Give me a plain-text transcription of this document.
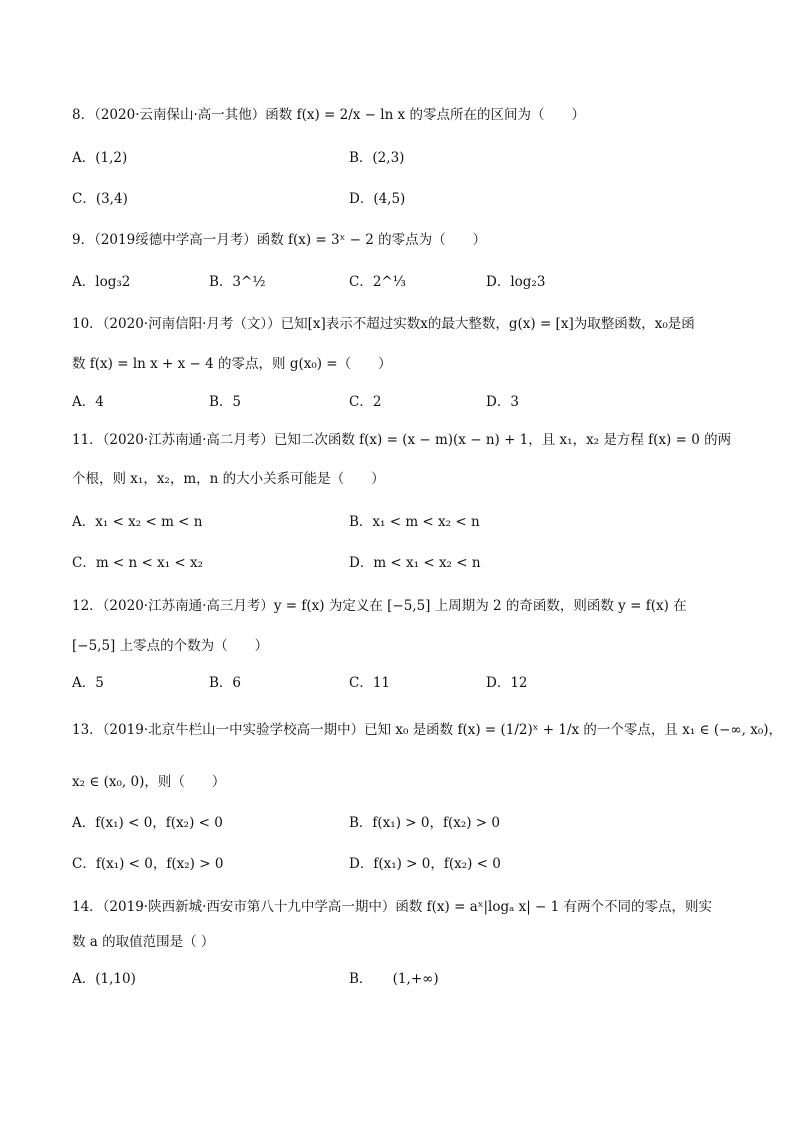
8．（2020·云南保山·高一其他）函数 f(x) = 2/x − ln x 的零点所在的区间为（　　）
A．(1,2)	B．(2,3)
C．(3,4)	D．(4,5)
9．（2019绥德中学高一月考）函数 f(x) = 3ˣ − 2 的零点为（　　）
A．log₃2	B．3^½	C．2^⅓	D．log₂3
10．（2020·河南信阳·月考（文））已知[x]表示不超过实数x的最大整数，g(x) = [x]为取整函数，x₀是函
数 f(x) = ln x + x − 4 的零点，则 g(x₀) =（　　）
A．4	B．5	C．2	D．3
11．（2020·江苏南通·高二月考）已知二次函数 f(x) = (x − m)(x − n) + 1，且 x₁，x₂ 是方程 f(x) = 0 的两
个根，则 x₁，x₂，m，n 的大小关系可能是（　　）
A．x₁ < x₂ < m < n	B．x₁ < m < x₂ < n
C．m < n < x₁ < x₂	D．m < x₁ < x₂ < n
12．（2020·江苏南通·高三月考）y = f(x) 为定义在 [−5,5] 上周期为 2 的奇函数，则函数 y = f(x) 在
[−5,5] 上零点的个数为（　　）
A．5	B．6	C．11	D．12
13．（2019·北京牛栏山一中实验学校高一期中）已知 x₀ 是函数 f(x) = (1/2)ˣ + 1/x 的一个零点，且 x₁ ∈ (−∞, x₀)，
x₂ ∈ (x₀, 0)，则（　　）
A．f(x₁) < 0，f(x₂) < 0	B．f(x₁) > 0，f(x₂) > 0
C．f(x₁) < 0，f(x₂) > 0	D．f(x₁) > 0，f(x₂) < 0
14．（2019·陕西新城·西安市第八十九中学高一期中）函数 f(x) = aˣ|logₐ x| − 1 有两个不同的零点，则实
数 a 的取值范围是（ ）
A．(1,10)	B．　　(1,+∞)
